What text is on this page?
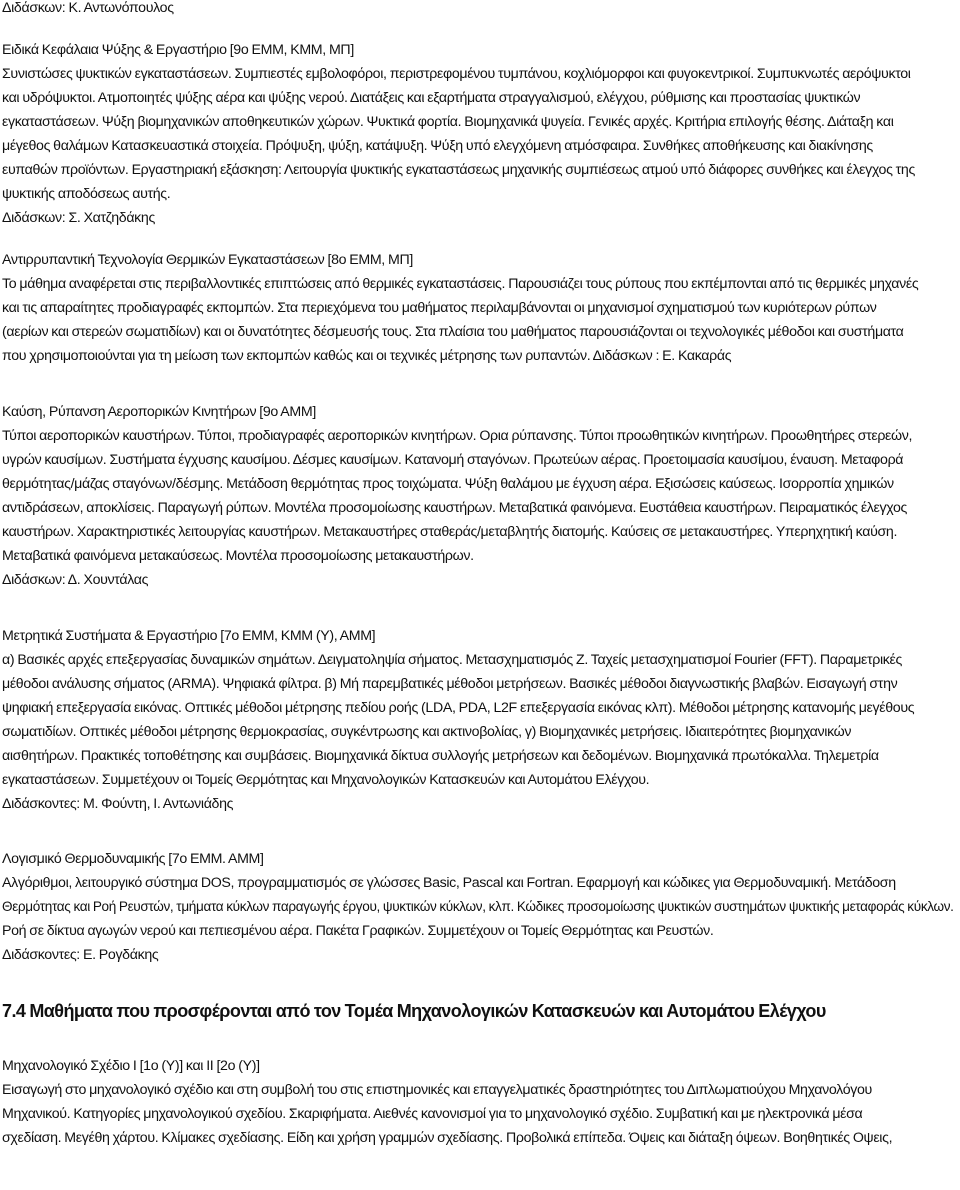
Διδάσκων: Κ. Αντωνόπουλος
Ειδικά Κεφάλαια Ψύξης & Εργαστήριο [9ο ΕΜΜ, ΚΜΜ, ΜΠ]
Συνιστώσες ψυκτικών εγκαταστάσεων. Συμπιεστές εμβολοφόροι, περιστρεφομένου τυμπάνου, κοχλιόμορφοι και φυγοκεντρικοί. Συμπυκνωτές αερόψυκτοι
και υδρόψυκτοι. Ατμοποιητές ψύξης αέρα και ψύξης νερού. Διατάξεις και εξαρτήματα στραγγαλισμού, ελέγχου, ρύθμισης και προστασίας ψυκτικών
εγκαταστάσεων. Ψύξη βιομηχανικών αποθηκευτικών χώρων. Ψυκτικά φορτία. Βιομηχανικά ψυγεία. Γενικές αρχές. Κριτήρια επιλογής θέσης. Διάταξη και
μέγεθος θαλάμων Κατασκευαστικά στοιχεία. Πρόψυξη, ψύξη, κατάψυξη. Ψύξη υπό ελεγχόμενη ατμόσφαιρα. Συνθήκες αποθήκευσης και διακίνησης
ευπαθών προϊόντων. Εργαστηριακή εξάσκηση: Λειτουργία ψυκτικής εγκαταστάσεως μηχανικής συμπιέσεως ατμού υπό διάφορες συνθήκες και έλεγχος της
ψυκτικής αποδόσεως αυτής.
Διδάσκων: Σ. Χατζηδάκης
Αντιρρυπαντική Τεχνολογία Θερμικών Εγκαταστάσεων [8ο ΕΜΜ, ΜΠ]
Το μάθημα αναφέρεται στις περιβαλλοντικές επιπτώσεις από θερμικές εγκαταστάσεις. Παρουσιάζει τους ρύπους που εκπέμπονται από τις θερμικές μηχανές
και τις απαραίτητες προδιαγραφές εκπομπών. Στα περιεχόμενα του μαθήματος περιλαμβάνονται οι μηχανισμοί σχηματισμού των κυριότερων ρύπων
(αερίων και στερεών σωματιδίων) και οι δυνατότητες δέσμευσής τους. Στα πλαίσια του μαθήματος παρουσιάζονται οι τεχνολογικές μέθοδοι και συστήματα
που χρησιμοποιούνται για τη μείωση των εκπομπών καθώς και οι τεχνικές μέτρησης των ρυπαντών. Διδάσκων : Ε. Κακαράς
Καύση, Ρύπανση Αεροπορικών Κινητήρων [9ο ΑΜΜ]
Τύποι αεροπορικών καυστήρων. Τύποι, προδιαγραφές αεροπορικών κινητήρων. Ορια ρύπανσης. Τύποι προωθητικών κινητήρων. Προωθητήρες στερεών,
υγρών καυσίμων. Συστήματα έγχυσης καυσίμου. Δέσμες καυσίμων. Κατανομή σταγόνων. Πρωτεύων αέρας. Προετοιμασία καυσίμου, έναυση. Μεταφορά
θερμότητας/μάζας σταγόνων/δέσμης. Μετάδοση θερμότητας προς τοιχώματα. Ψύξη θαλάμου με έγχυση αέρα. Εξισώσεις καύσεως. Ισορροπία χημικών
αντιδράσεων, αποκλίσεις. Παραγωγή ρύπων. Μοντέλα προσομοίωσης καυστήρων. Μεταβατικά φαινόμενα. Ευστάθεια καυστήρων. Πειραματικός έλεγχος
καυστήρων. Χαρακτηριστικές λειτουργίας καυστήρων. Μετακαυστήρες σταθεράς/μεταβλητής διατομής. Καύσεις σε μετακαυστήρες. Υπερηχητική καύση.
Μεταβατικά φαινόμενα μετακαύσεως. Μοντέλα προσομοίωσης μετακαυστήρων.
Διδάσκων: Δ. Χουντάλας
Μετρητικά Συστήματα & Εργαστήριο [7ο ΕΜΜ, ΚΜΜ (Υ), ΑΜΜ]
α) Βασικές αρχές επεξεργασίας δυναμικών σημάτων. Δειγματοληψία σήματος. Μετασχηματισμός Ζ. Ταχείς μετασχηματισμοί Fourier (FFT). Παραμετρικές
μέθοδοι ανάλυσης σήματος (ARMA). Ψηφιακά φίλτρα. β) Μή παρεμβατικές μέθοδοι μετρήσεων. Βασικές μέθοδοι διαγνωστικής βλαβών. Εισαγωγή στην
ψηφιακή επεξεργασία εικόνας. Οπτικές μέθοδοι μέτρησης πεδίου ροής (LDA, PDA, L2F επεξεργασία εικόνας κλπ). Μέθοδοι μέτρησης κατανομής μεγέθους
σωματιδίων. Οπτικές μέθοδοι μέτρησης θερμοκρασίας, συγκέντρωσης και ακτινοβολίας, γ) Βιομηχανικές μετρήσεις. Ιδιαιτερότητες βιομηχανικών
αισθητήρων. Πρακτικές τοποθέτησης και συμβάσεις. Βιομηχανικά δίκτυα συλλογής μετρήσεων και δεδομένων. Βιομηχανικά πρωτόκαλλα. Τηλεμετρία
εγκαταστάσεων. Συμμετέχουν οι Τομείς Θερμότητας και Μηχανολογικών Κατασκευών και Αυτομάτου Ελέγχου.
Διδάσκοντες: Μ. Φούντη, Ι. Αντωνιάδης
Λογισμικό Θερμοδυναμικής [7ο ΕΜΜ. ΑΜΜ]
Αλγόριθμοι, λειτουργικό σύστημα DOS, προγραμματισμός σε γλώσσες Basic, Pascal και Fortran. Εφαρμογή και κώδικες για Θερμοδυναμική. Μετάδοση
Θερμότητας και Ροή Ρευστών, τμήματα κύκλων παραγωγής έργου, ψυκτικών κύκλων, κλπ. Κώδικες προσομοίωσης ψυκτικών συστημάτων ψυκτικής μεταφοράς κύκλων.
Ροή σε δίκτυα αγωγών νερού και πεπιεσμένου αέρα. Πακέτα Γραφικών. Συμμετέχουν οι Τομείς Θερμότητας και Ρευστών.
Διδάσκοντες: Ε. Ρογδάκης
7.4 Μαθήματα που προσφέρονται από τον Τομέα Μηχανολογικών Κατασκευών και Αυτομάτου Ελέγχου
Μηχανολογικό Σχέδιο Ι [1ο (Υ)] και ΙΙ [2ο (Υ)]
Εισαγωγή στο μηχανολογικό σχέδιο και στη συμβολή του στις επιστημονικές και επαγγελματικές δραστηριότητες του Διπλωματιούχου Μηχανολόγου
Μηχανικού. Κατηγορίες μηχανολογικού σχεδίου. Σκαριφήματα. Αιεθνές κανονισμοί για το μηχανολογικό σχέδιο. Συμβατική και με ηλεκτρονικά μέσα
σχεδίαση. Μεγέθη χάρτου. Κλίμακες σχεδίασης. Είδη και χρήση γραμμών σχεδίασης. Προβολικά επίπεδα. Όψεις και διάταξη όψεων. Βοηθητικές Οψεις,
